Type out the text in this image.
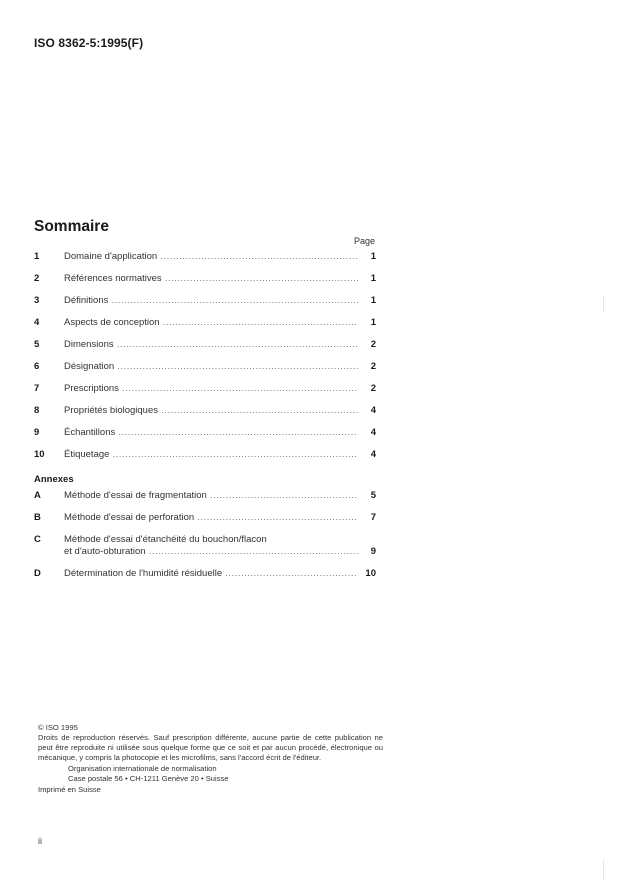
ISO 8362-5:1995(F)
Sommaire
Page
1	Domaine d'application .....	1
2	Références normatives .....	1
3	Définitions .....	1
4	Aspects de conception .....	1
5	Dimensions .....	2
6	Désignation .....	2
7	Prescriptions .....	2
8	Propriétés biologiques .....	4
9	Échantillons .....	4
10	Étiquetage .....	4
Annexes
A	Méthode d'essai de fragmentation .....	5
B	Méthode d'essai de perforation .....	7
C	Méthode d'essai d'étanchéité du bouchon/flacon
et d'auto-obturation .....	9
D	Détermination de l'humidité résiduelle .....	10
© ISO 1995
Droits de reproduction réservés. Sauf prescription différente, aucune partie de cette publication ne peut être reproduite ni utilisée sous quelque forme que ce soit et par aucun procédé, électronique ou mécanique, y compris la photocopie et les microfilms, sans l'accord écrit de l'éditeur.
Organisation internationale de normalisation
Case postale 56 • CH-1211 Genève 20 • Suisse
Imprimé en Suisse
ii
